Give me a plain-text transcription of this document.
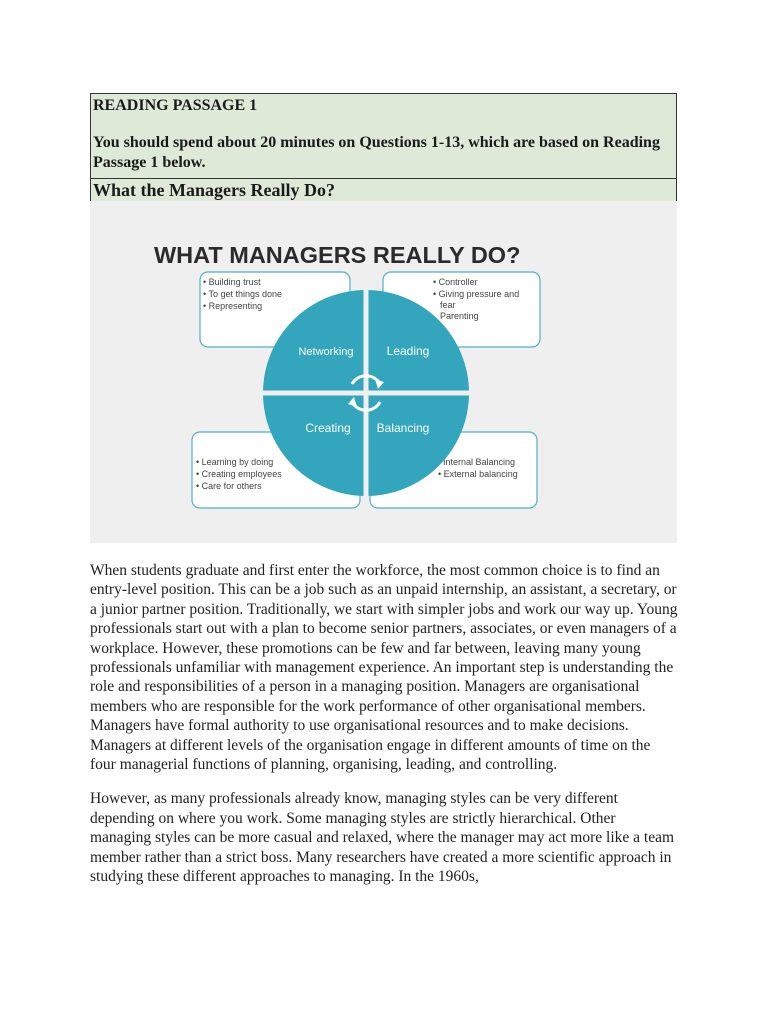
READING PASSAGE 1

You should spend about 20 minutes on Questions 1-13, which are based on Reading Passage 1 below.

What the Managers Really Do?
WHAT MANAGERS REALLY DO?
• Building trust
• To get things done
• Representing
• Controller
• Giving pressure and
fear
Parenting
• Learning by doing
• Creating employees
• Care for others
Internal Balancing
• External balancing
Networking	Leading
Creating Balancing

When students graduate and first enter the workforce, the most common choice is to find an entry-level position. This can be a job such as an unpaid internship, an assistant, a secretary, or a junior partner position. Traditionally, we start with simpler jobs and work our way up. Young professionals start out with a plan to become senior partners, associates, or even managers of a workplace. However, these promotions can be few and far between, leaving many young professionals unfamiliar with management experience. An important step is understanding the role and responsibilities of a person in a managing position. Managers are organisational members who are responsible for the work performance of other organisational members. Managers have formal authority to use organisational resources and to make decisions. Managers at different levels of the organisation engage in different amounts of time on the four managerial functions of planning, organising, leading, and controlling.

However, as many professionals already know, managing styles can be very different depending on where you work. Some managing styles are strictly hierarchical. Other managing styles can be more casual and relaxed, where the manager may act more like a team member rather than a strict boss. Many researchers have created a more scientific approach in studying these different approaches to managing. In the 1960s,
